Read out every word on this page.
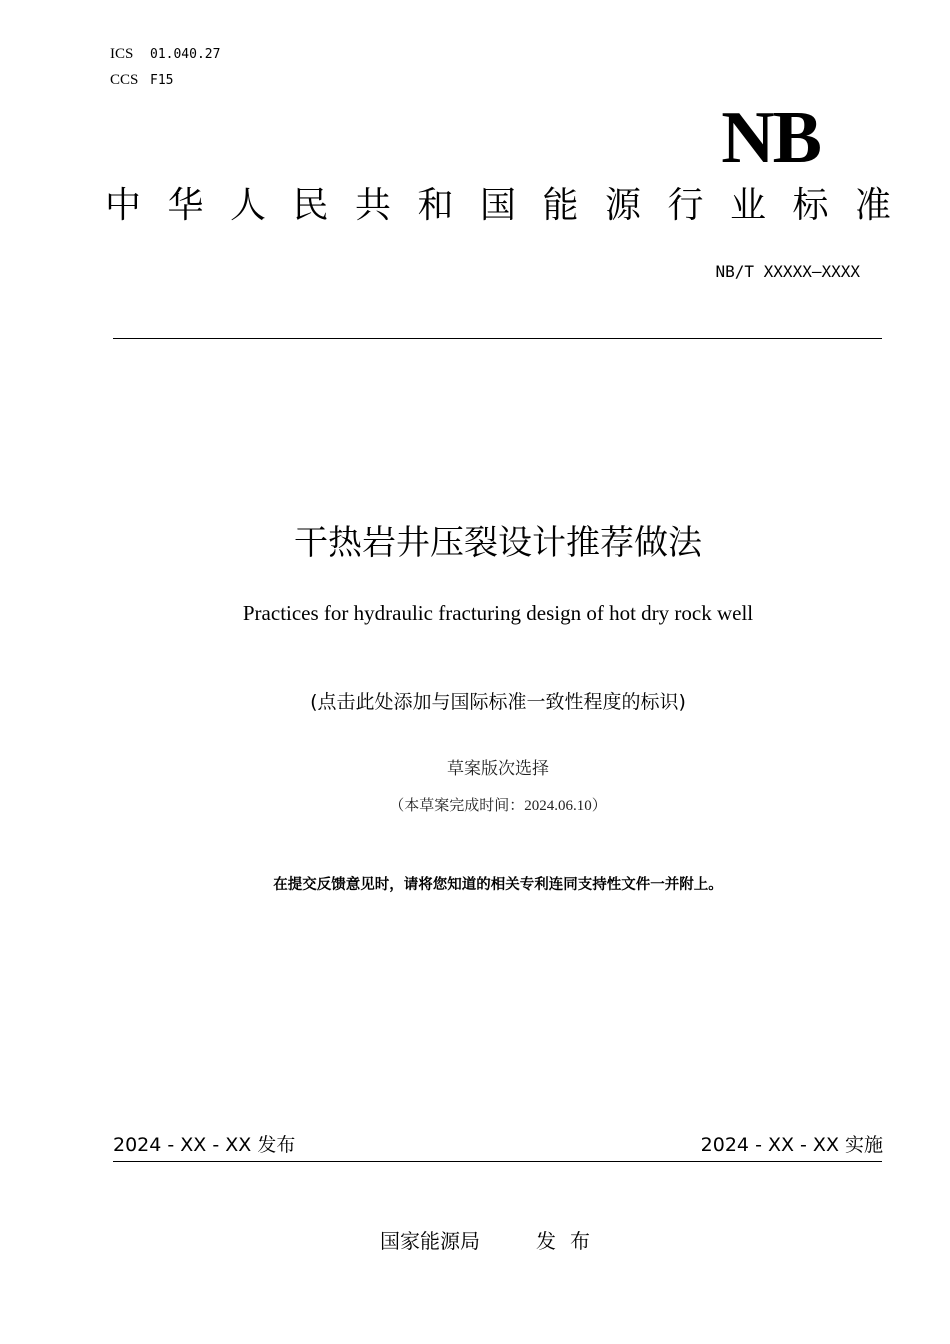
ICS 01.040.27
CCS F15
NB
中华人民共和国能源行业标准
NB/T XXXXX—XXXX
干热岩井压裂设计推荐做法
Practices for hydraulic fracturing design of hot dry rock well
(点击此处添加与国际标准一致性程度的标识)
草案版次选择
（本草案完成时间：2024.06.10）
在提交反馈意见时，请将您知道的相关专利连同支持性文件一并附上。
2024 - XX - XX 发布	2024 - XX - XX 实施
国家能源局	发布
